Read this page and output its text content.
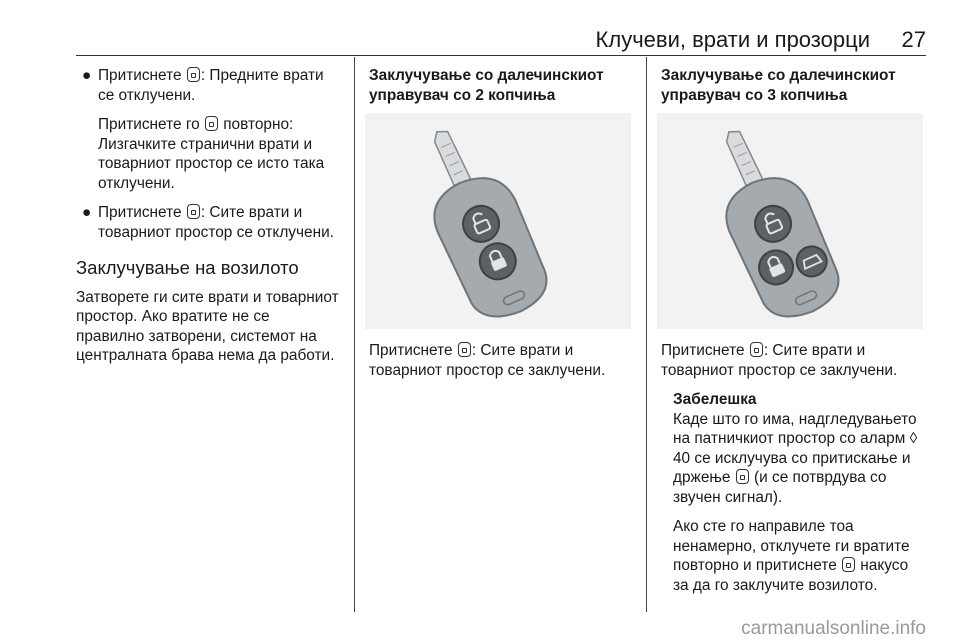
Клучеви, врати и прозорци 27
● Притиснете : Предните врати се отклучени.
Притиснете го  повторно: Лизгачките странични врати и товарниот простор се исто така отклучени.
● Притиснете : Сите врати и товарниот простор се отклучени.
Заклучување на возилото

Затворете ги сите врати и товарниот простор. Ако вратите не се правилно затворени, системот на централната брава нема да работи.

Заклучување со далечинскиот управувач со 2 копчиња

Притиснете : Сите врати и товарниот простор се заклучени.

Заклучување со далечинскиот управувач со 3 копчиња

Притиснете : Сите врати и товарниот простор се заклучени.

Забелешка

Каде што го има, надгледувањето на патничкиот простор со аларм ◊ 40 се исклучува со притискање и држење  (и се потврдува со звучен сигнал).

Ако сте го направиле тоа ненамерно, отклучете ги вратите повторно и притиснете  накусо за да го заклучите возилото.

carmanualsonline.info
